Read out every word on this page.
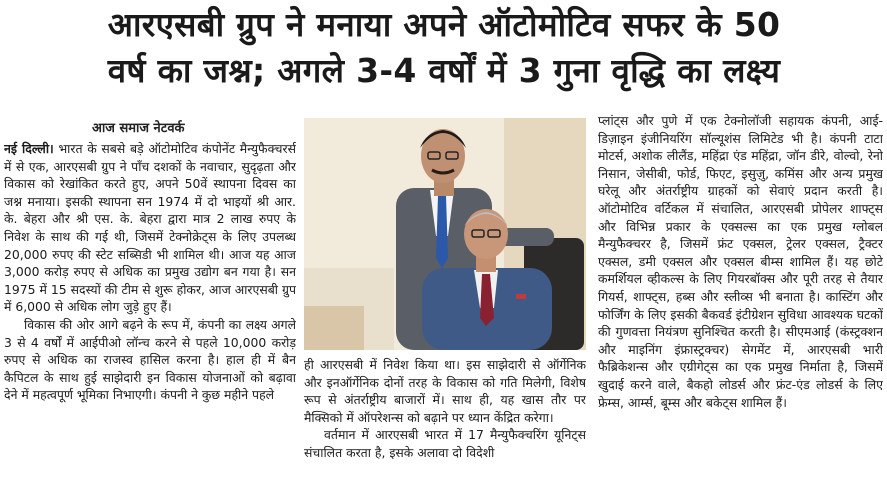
आरएसबी ग्रुप ने मनाया अपने ऑटोमोटिव सफर के 50
वर्ष का जश्न; अगले 3-4 वर्षों में 3 गुना वृद्धि का लक्ष्य
आज समाज नेटवर्क

नई दिल्ली। भारत के सबसे बड़े ऑटोमोटिव कंपोनेंट मैन्युफैक्चरर्स में से एक, आरएसबी ग्रुप ने पाँच दशकों के नवाचार, सुदृढ़ता और विकास को रेखांकित करते हुए, अपने 50वें स्थापना दिवस का जश्न मनाया। इसकी स्थापना सन 1974 में दो भाइयों श्री आर. के. बेहरा और श्री एस. के. बेहरा द्वारा मात्र 2 लाख रुपए के निवेश के साथ की गई थी, जिसमें टेक्नोक्रेट्स के लिए उपलब्ध 20,000 रुपए की स्टेट सब्सिडी भी शामिल थी। आज यह आज 3,000 करोड़ रुपए से अधिक का प्रमुख उद्योग बन गया है। सन 1975 में 15 सदस्यों की टीम से शुरू होकर, आज आरएसबी ग्रुप में 6,000 से अधिक लोग जुड़े हुए हैं।

विकास की ओर आगे बढ़ने के रूप में, कंपनी का लक्ष्य अगले 3 से 4 वर्षों में आईपीओ लॉन्च करने से पहले 10,000 करोड़ रुपए से अधिक का राजस्व हासिल करना है। हाल ही में बैन कैपिटल के साथ हुई साझेदारी इन विकास योजनाओं को बढ़ावा देने में महत्वपूर्ण भूमिका निभाएगी। कंपनी ने कुछ महीने पहले

ही आरएसबी में निवेश किया था। इस साझेदारी से ऑर्गेनिक और इनऑर्गेनिक दोनों तरह के विकास को गति मिलेगी, विशेष रूप से अंतर्राष्ट्रीय बाजारों में। साथ ही, यह खास तौर पर मैक्सिको में ऑपरेशन्स को बढ़ाने पर ध्यान केंद्रित करेगा।

वर्तमान में आरएसबी भारत में 17 मैन्युफैक्चरिंग यूनिट्स संचालित करता है, इसके अलावा दो विदेशी

प्लांट्स और पुणे में एक टेक्नोलॉजी सहायक कंपनी, आई-डिज़ाइन इंजीनियरिंग सॉल्यूशंस लिमिटेड भी है। कंपनी टाटा मोटर्स, अशोक लीलैंड, महिंद्रा एंड महिंद्रा, जॉन डीरे, वोल्वो, रेनो निसान, जेसीबी, फोर्ड, फिएट, इसुज़ु, कमिंस और अन्य प्रमुख घरेलू और अंतर्राष्ट्रीय ग्राहकों को सेवाएं प्रदान करती है। ऑटोमोटिव वर्टिकल में संचालित, आरएसबी प्रोपेलर शाफ्ट्स और विभिन्न प्रकार के एक्सल्स का एक प्रमुख ग्लोबल मैन्युफैक्चरर है, जिसमें फ्रंट एक्सल, ट्रेलर एक्सल, ट्रैक्टर एक्सल, डमी एक्सल और एक्सल बीम्स शामिल हैं। यह छोटे कमर्शियल व्हीकल्स के लिए गियरबॉक्स और पूरी तरह से तैयार गियर्स, शाफ्ट्स, हब्स और स्लीव्स भी बनाता है। कास्टिंग और फोर्जिंग के लिए इसकी बैकवर्ड इंटीग्रेशन सुविधा आवश्यक घटकों की गुणवत्ता नियंत्रण सुनिश्चित करती है। सीएमआई (कंस्ट्रक्शन और माइनिंग इंफ्रास्ट्रक्चर) सेगमेंट में, आरएसबी भारी फैब्रिकेशन्स और एग्रीगेट्स का एक प्रमुख निर्माता है, जिसमें खुदाई करने वाले, बैकहो लोडर्स और फ्रंट-एंड लोडर्स के लिए फ्रेम्स, आर्म्स, बूम्स और बकेट्स शामिल हैं।
